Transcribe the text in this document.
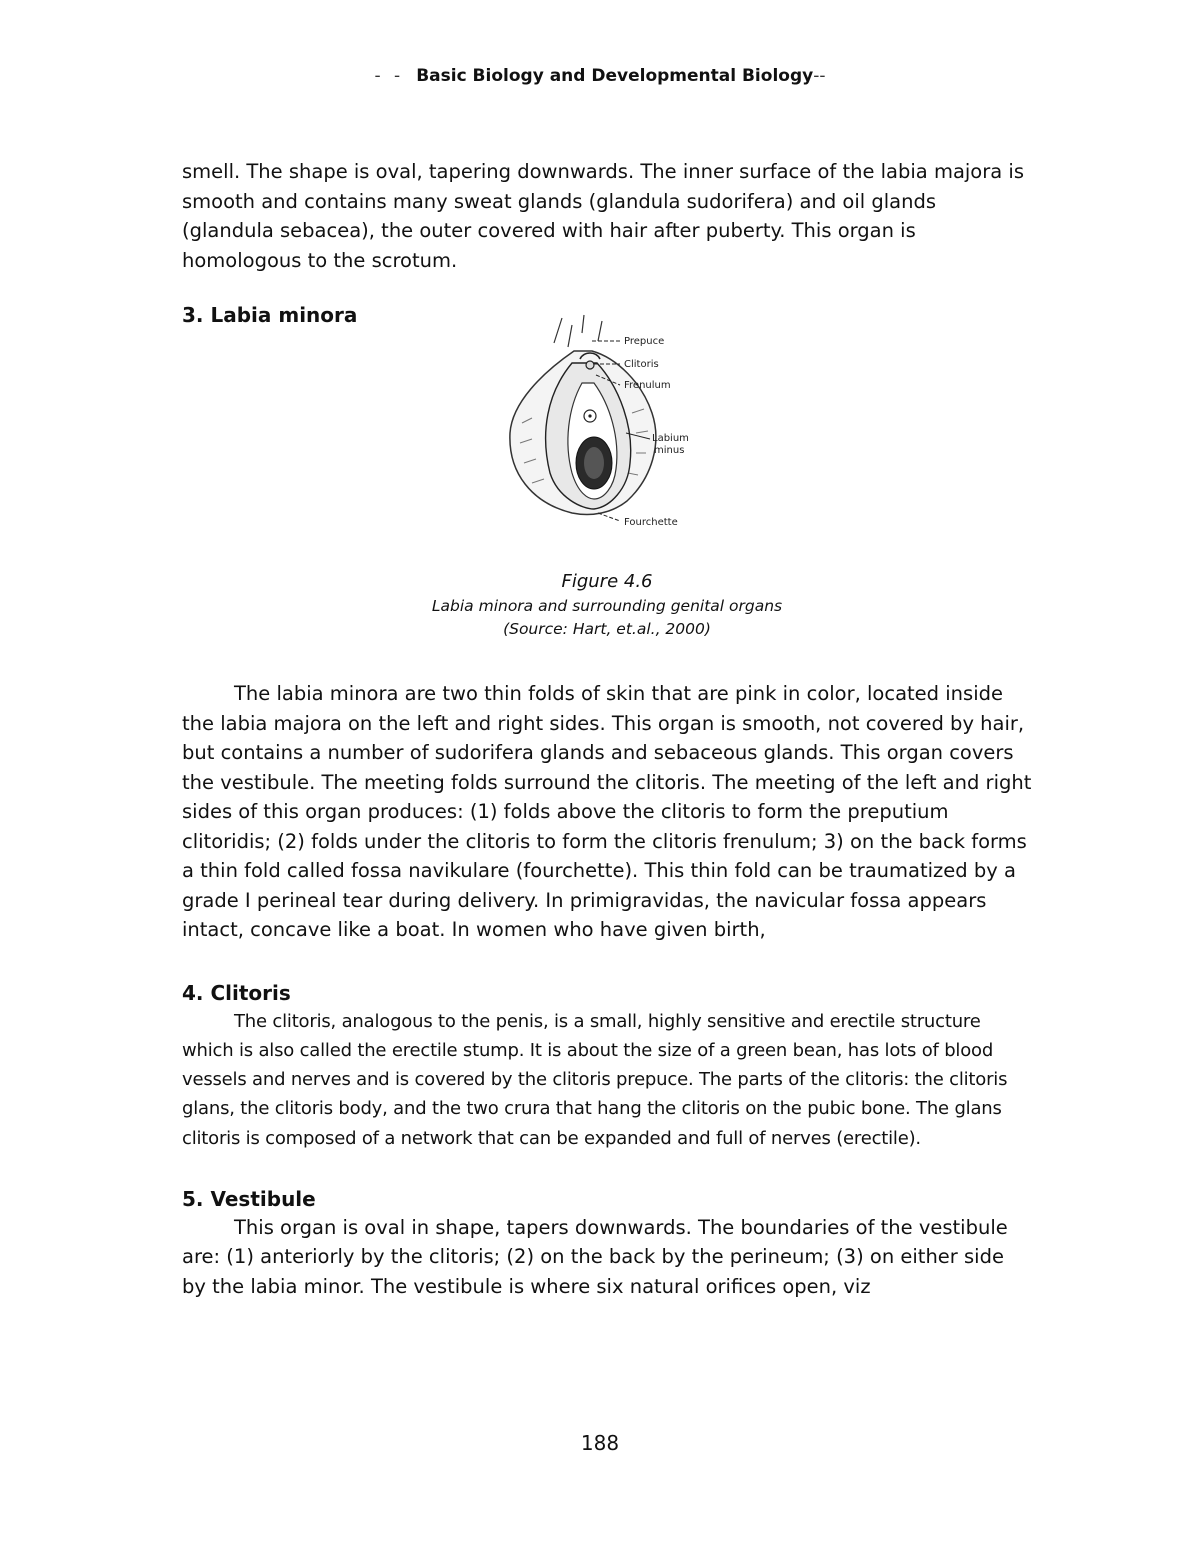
- - Basic Biology and Developmental Biology--

smell. The shape is oval, tapering downwards. The inner surface of the labia majora is smooth and contains many sweat glands (glandula sudorifera) and oil glands (glandula sebacea), the outer covered with hair after puberty. This organ is homologous to the scrotum.

3. Labia minora
Prepuce
Clitoris
Frenulum
Labium
minus
Fourchette
Figure 4.6
Labia minora and surrounding genital organs
(Source: Hart, et.al., 2000)

The labia minora are two thin folds of skin that are pink in color, located inside the labia majora on the left and right sides. This organ is smooth, not covered by hair, but contains a number of sudorifera glands and sebaceous glands. This organ covers the vestibule. The meeting folds surround the clitoris. The meeting of the left and right sides of this organ produces: (1) folds above the clitoris to form the preputium clitoridis; (2) folds under the clitoris to form the clitoris frenulum; 3) on the back forms a thin fold called fossa navikulare (fourchette). This thin fold can be traumatized by a grade I perineal tear during delivery. In primigravidas, the navicular fossa appears intact, concave like a boat. In women who have given birth,

4. Clitoris

The clitoris, analogous to the penis, is a small, highly sensitive and erectile structure which is also called the erectile stump. It is about the size of a green bean, has lots of blood vessels and nerves and is covered by the clitoris prepuce. The parts of the clitoris: the clitoris glans, the clitoris body, and the two crura that hang the clitoris on the pubic bone. The glans clitoris is composed of a network that can be expanded and full of nerves (erectile).

5. Vestibule

This organ is oval in shape, tapers downwards. The boundaries of the vestibule are: (1) anteriorly by the clitoris; (2) on the back by the perineum; (3) on either side by the labia minor. The vestibule is where six natural orifices open, viz

188
